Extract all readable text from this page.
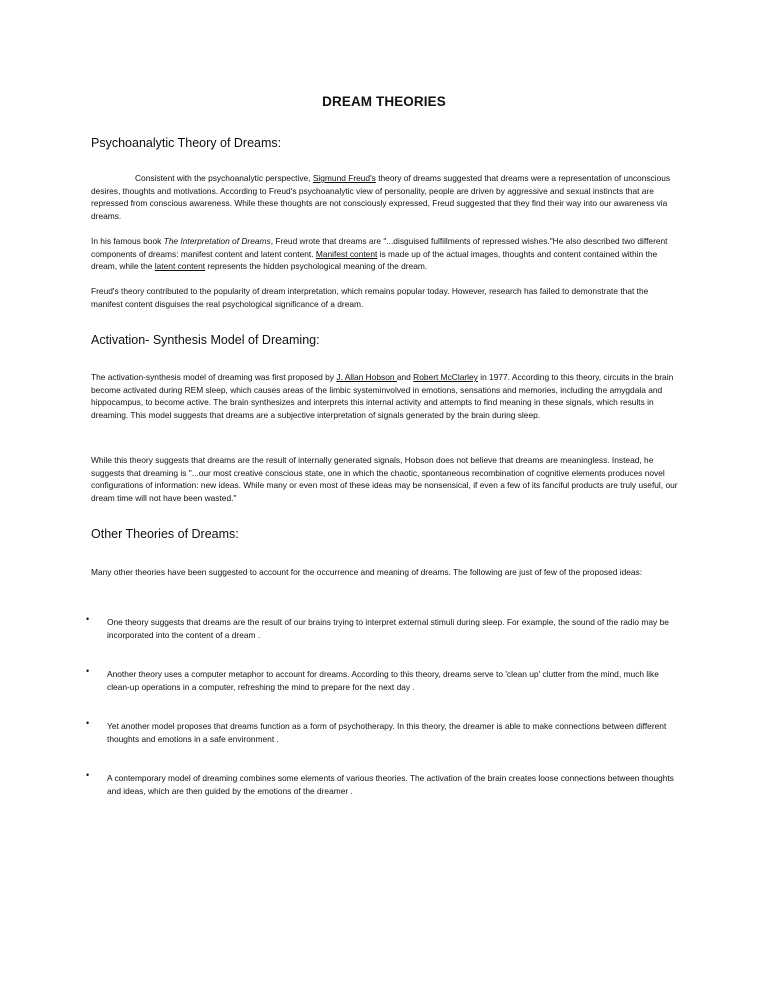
DREAM THEORIES
Psychoanalytic Theory of Dreams:

Consistent with the psychoanalytic perspective, Sigmund Freud's theory of dreams suggested that dreams were a representation of unconscious desires, thoughts and motivations. According to Freud's psychoanalytic view of personality, people are driven by aggressive and sexual instincts that are repressed from conscious awareness. While these thoughts are not consciously expressed, Freud suggested that they find their way into our awareness via dreams.

In his famous book The Interpretation of Dreams, Freud wrote that dreams are "...disguised fulfillments of repressed wishes."He also described two different components of dreams: manifest content and latent content. Manifest content is made up of the actual images, thoughts and content contained within the dream, while the latent content represents the hidden psychological meaning of the dream.

Freud's theory contributed to the popularity of dream interpretation, which remains popular today. However, research has failed to demonstrate that the manifest content disguises the real psychological significance of a dream.

Activation- Synthesis Model of Dreaming:

The activation-synthesis model of dreaming was first proposed by J. Allan Hobson and Robert McClarley in 1977. According to this theory, circuits in the brain become activated during REM sleep, which causes areas of the limbic systeminvolved in emotions, sensations and memories, including the amygdala and hippocampus, to become active. The brain synthesizes and interprets this internal activity and attempts to find meaning in these signals, which results in dreaming. This model suggests that dreams are a subjective interpretation of signals generated by the brain during sleep.

While this theory suggests that dreams are the result of internally generated signals, Hobson does not believe that dreams are meaningless. Instead, he suggests that dreaming is "...our most creative conscious state, one in which the chaotic, spontaneous recombination of cognitive elements produces novel configurations of information: new ideas. While many or even most of these ideas may be nonsensical, if even a few of its fanciful products are truly useful, our dream time will not have been wasted."

Other Theories of Dreams:

Many other theories have been suggested to account for the occurrence and meaning of dreams. The following are just of few of the proposed ideas:

• One theory suggests that dreams are the result of our brains trying to interpret external stimuli during sleep. For example, the sound of the radio may be incorporated into the content of a dream .

• Another theory uses a computer metaphor to account for dreams. According to this theory, dreams serve to 'clean up' clutter from the mind, much like clean-up operations in a computer, refreshing the mind to prepare for the next day .

• Yet another model proposes that dreams function as a form of psychotherapy. In this theory, the dreamer is able to make connections between different thoughts and emotions in a safe environment .

• A contemporary model of dreaming combines some elements of various theories. The activation of the brain creates loose connections between thoughts and ideas, which are then guided by the emotions of the dreamer .
